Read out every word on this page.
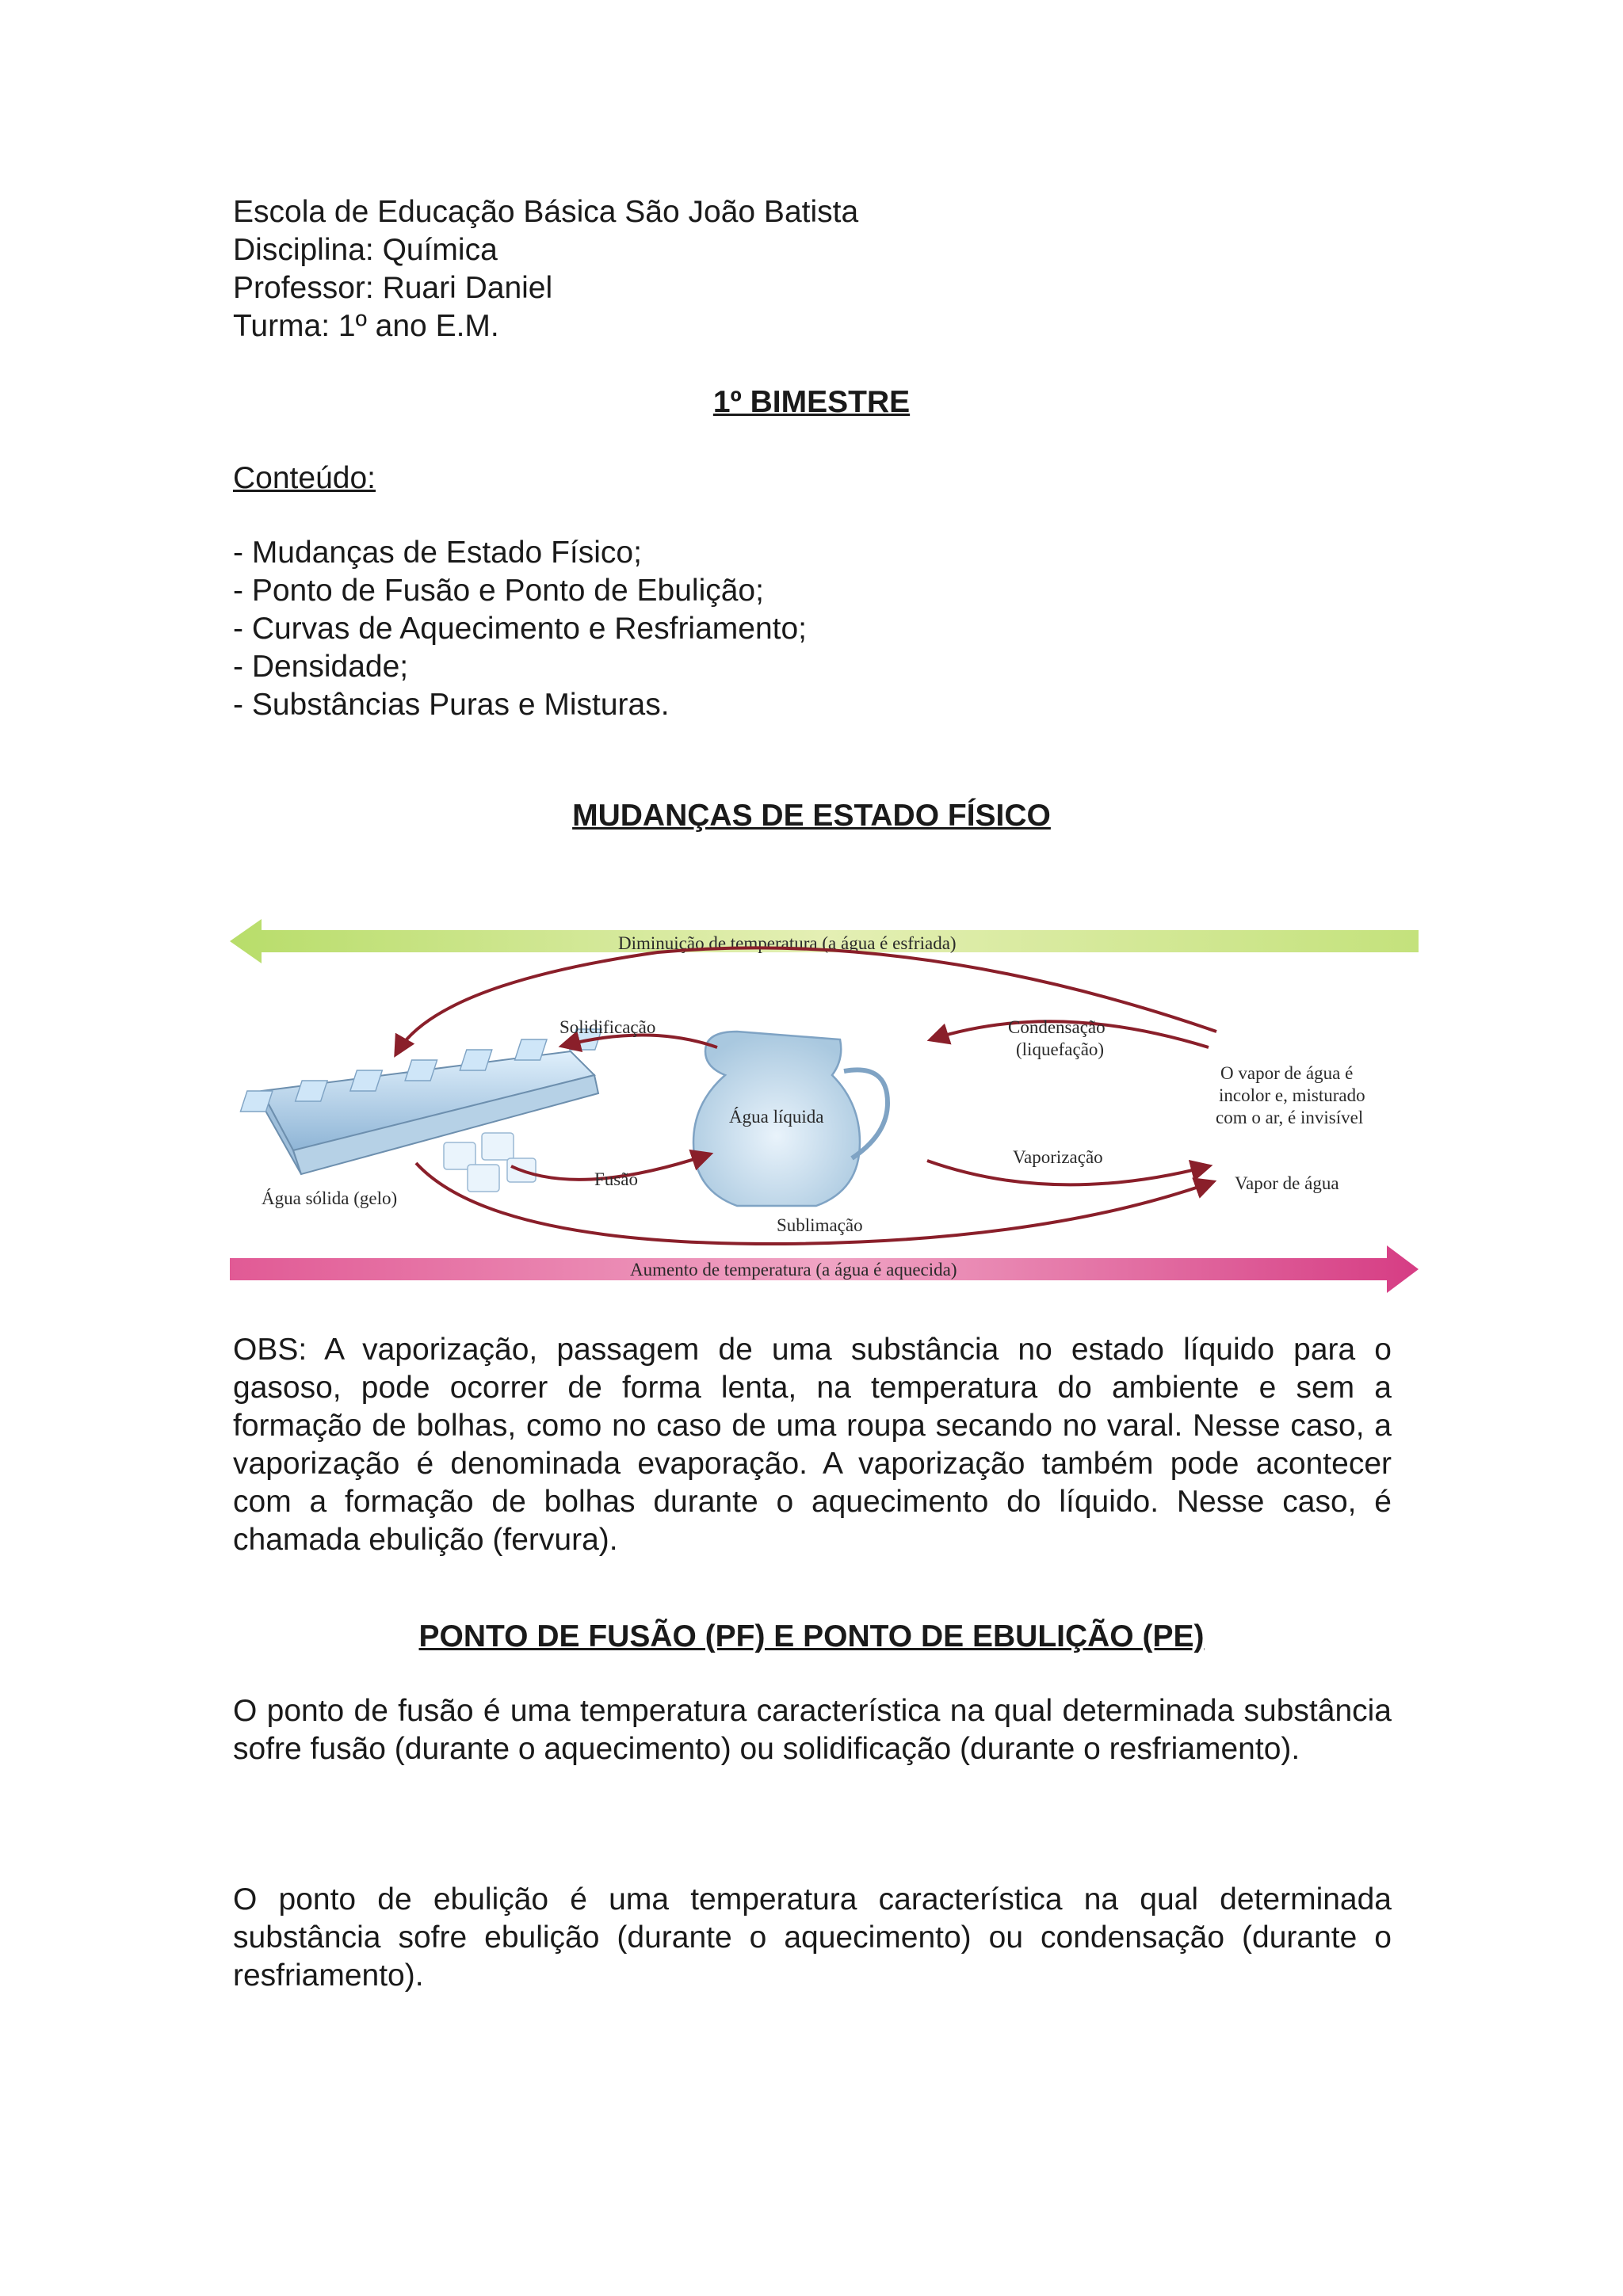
Escola de Educação Básica São João Batista
Disciplina: Química
Professor: Ruari Daniel
Turma: 1º ano E.M.
1º BIMESTRE
Conteúdo:
- Mudanças de Estado Físico;
- Ponto de Fusão e Ponto de Ebulição;
- Curvas de Aquecimento e Resfriamento;
- Densidade;
- Substâncias Puras e Misturas.
MUDANÇAS DE ESTADO FÍSICO
Diminuição de temperatura (a água é esfriada)
Aumento de temperatura (a água é aquecida)
Água sólida (gelo)
Água líquida
O vapor de água é
incolor e, misturado
com o ar, é invisível
Vapor de água
Solidificação
Fusão
Condensação
(liquefação)
Vaporização
Sublimação

OBS: A vaporização, passagem de uma substância no estado líquido para o gasoso, pode ocorrer de forma lenta, na temperatura do ambiente e sem a formação de bolhas, como no caso de uma roupa secando no varal. Nesse caso, a vaporização é denominada evaporação. A vaporização também pode acontecer com a formação de bolhas durante o aquecimento do líquido. Nesse caso, é chamada ebulição (fervura).

PONTO DE FUSÃO (PF) E PONTO DE EBULIÇÃO (PE)

O ponto de fusão é uma temperatura característica na qual determinada substância sofre fusão (durante o aquecimento) ou solidificação (durante o resfriamento).

O ponto de ebulição é uma temperatura característica na qual determinada substância sofre ebulição (durante o aquecimento) ou condensação (durante o resfriamento).
